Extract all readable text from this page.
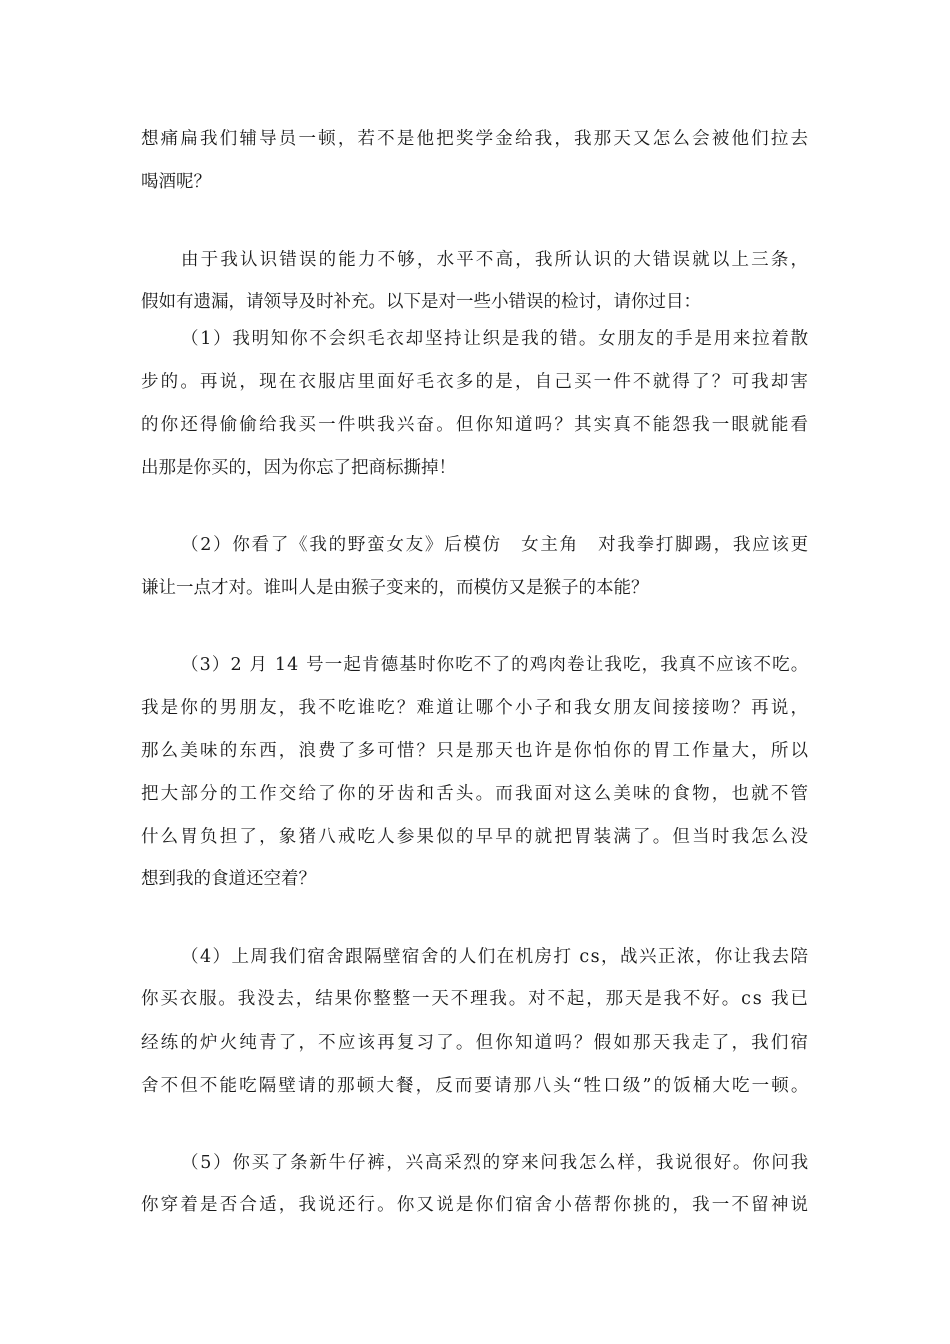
想痛扁我们辅导员一顿，若不是他把奖学金给我，我那天又怎么会被他们拉去

喝酒呢？

由于我认识错误的能力不够，水平不高，我所认识的大错误就以上三条，

假如有遗漏，请领导及时补充。以下是对一些小错误的检讨，请你过目：

（1）我明知你不会织毛衣却坚持让织是我的错。女朋友的手是用来拉着散

步的。再说，现在衣服店里面好毛衣多的是，自己买一件不就得了？可我却害

的你还得偷偷给我买一件哄我兴奋。但你知道吗？其实真不能怨我一眼就能看

出那是你买的，因为你忘了把商标撕掉！

（2）你看了《我的野蛮女友》后模仿　女主角　对我拳打脚踢，我应该更

谦让一点才对。谁叫人是由猴子变来的，而模仿又是猴子的本能？

（3）2 月 14 号一起肯德基时你吃不了的鸡肉卷让我吃，我真不应该不吃。

我是你的男朋友，我不吃谁吃？难道让哪个小子和我女朋友间接接吻？再说，

那么美味的东西，浪费了多可惜？只是那天也许是你怕你的胃工作量大，所以

把大部分的工作交给了你的牙齿和舌头。而我面对这么美味的食物，也就不管

什么胃负担了，象猪八戒吃人参果似的早早的就把胃装满了。但当时我怎么没

想到我的食道还空着？

（4）上周我们宿舍跟隔壁宿舍的人们在机房打 cs，战兴正浓，你让我去陪

你买衣服。我没去，结果你整整一天不理我。对不起，那天是我不好。cs 我已

经练的炉火纯青了，不应该再复习了。但你知道吗？假如那天我走了，我们宿

舍不但不能吃隔壁请的那顿大餐，反而要请那八头“牲口级”的饭桶大吃一顿。

（5）你买了条新牛仔裤，兴高采烈的穿来问我怎么样，我说很好。你问我

你穿着是否合适，我说还行。你又说是你们宿舍小蓓帮你挑的，我一不留神说
